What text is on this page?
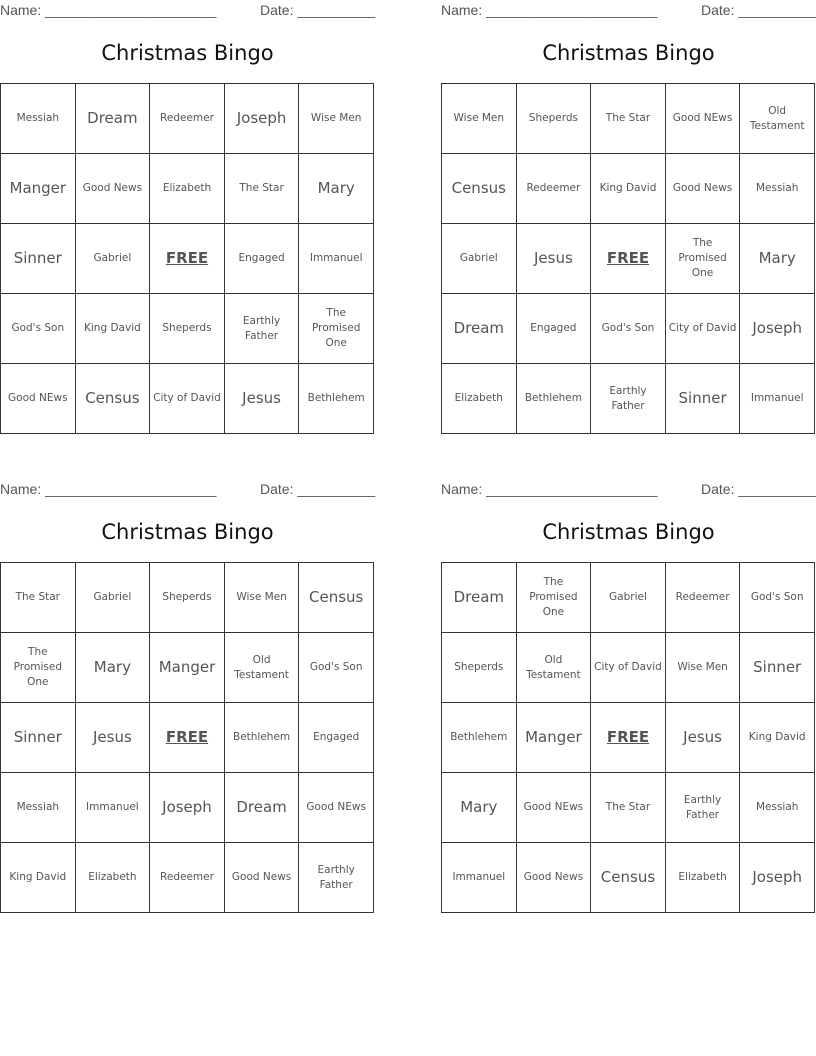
Name: ______________________	Date: __________
Christmas Bingo
Messiah	Dream	Redeemer	Joseph	Wise Men
Manger	Good News	Elizabeth	The Star	Mary
Sinner	Gabriel	FREE	Engaged	Immanuel
God's Son	King David	Sheperds	Earthly Father	The Promised One
Good NEws	Census	City of David	Jesus	Bethlehem
Name: ______________________	Date: __________
Christmas Bingo
Wise Men	Sheperds	The Star	Good NEws	Old Testament
Census	Redeemer	King David	Good News	Messiah
Gabriel	Jesus	FREE	The Promised One	Mary
Dream	Engaged	God's Son	City of David	Joseph
Elizabeth	Bethlehem	Earthly Father	Sinner	Immanuel
Name: ______________________	Date: __________
Christmas Bingo
The Star	Gabriel	Sheperds	Wise Men	Census
The Promised One	Mary	Manger	Old Testament	God's Son
Sinner	Jesus	FREE	Bethlehem	Engaged
Messiah	Immanuel	Joseph	Dream	Good NEws
King David	Elizabeth	Redeemer	Good News	Earthly Father
Name: ______________________	Date: __________
Christmas Bingo
Dream	The Promised One	Gabriel	Redeemer	God's Son
Sheperds	Old Testament	City of David	Wise Men	Sinner
Bethlehem	Manger	FREE	Jesus	King David
Mary	Good NEws	The Star	Earthly Father	Messiah
Immanuel	Good News	Census	Elizabeth	Joseph
